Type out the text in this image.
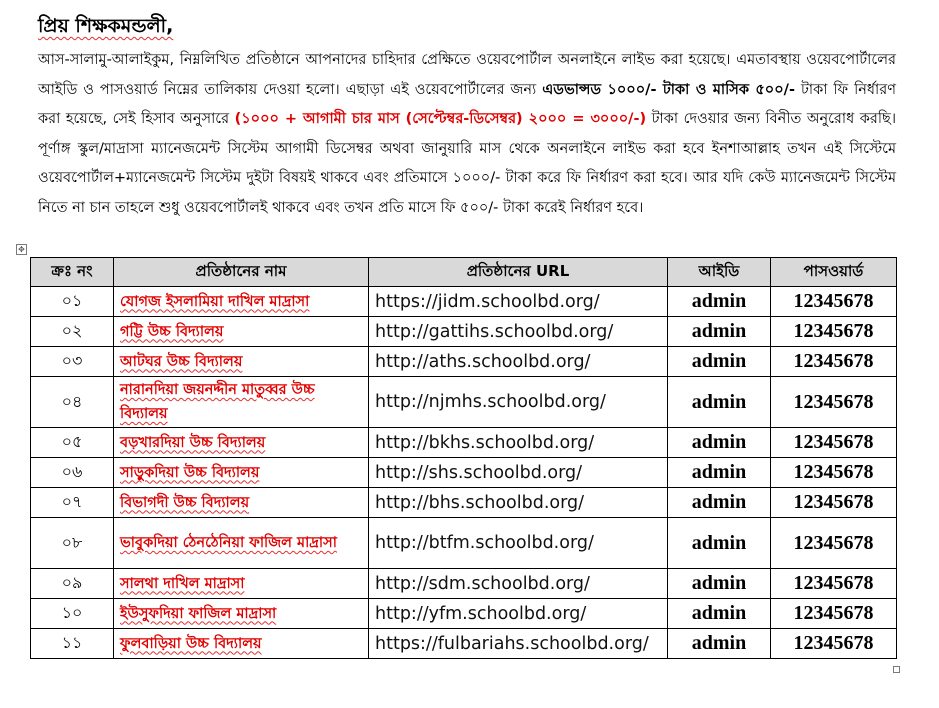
প্রিয় শিক্ষকমন্ডলী,

আস-সালামু-আলাইকুম, নিম্নলিখিত প্রতিষ্ঠানে আপনাদের চাহিদার প্রেক্ষিতে ওয়েবপোর্টাল অনলাইনে লাইভ করা হয়েছে। এমতাবস্থায় ওয়েবপোর্টালের আইডি ও পাসওয়ার্ড নিম্নের তালিকায় দেওয়া হলো। এছাড়া এই ওয়েবপোর্টালের জন্য এডভান্সড ১০০০/- টাকা ও মাসিক ৫০০/- টাকা ফি নির্ধারণ করা হয়েছে, সেই হিসাব অনুসারে (১০০০ + আগামী চার মাস (সেপ্টেম্বর-ডিসেম্বর) ২০০০ = ৩০০০/-) টাকা দেওয়ার জন্য বিনীত অনুরোধ করছি। পূর্ণাঙ্গ স্কুল/মাদ্রাসা ম্যানেজমেন্ট সিস্টেম আগামী ডিসেম্বর অথবা জানুয়ারি মাস থেকে অনলাইনে লাইভ করা হবে ইনশাআল্লাহ তখন এই সিস্টেমে ওয়েবপোর্টাল+ম্যানেজমেন্ট সিস্টেম দুইটা বিষয়ই থাকবে এবং প্রতিমাসে ১০০০/- টাকা করে ফি নির্ধারণ করা হবে। আর যদি কেউ ম্যানেজমেন্ট সিস্টেম নিতে না চান তাহলে শুধু ওয়েবপোর্টালই থাকবে এবং তখন প্রতি মাসে ফি ৫০০/- টাকা করেই নির্ধারণ হবে।

✥
ক্রঃ নং	প্রতিষ্ঠানের নাম	প্রতিষ্ঠানের URL	আইডি	পাসওয়ার্ড
০১	যোগজ ইসলামিয়া দাখিল মাদ্রাসা	https://jidm.schoolbd.org/	admin	12345678
০২	গট্টি উচ্চ বিদ্যালয়	http://gattihs.schoolbd.org/	admin	12345678
০৩	আটঘর উচ্চ বিদ্যালয়	http://aths.schoolbd.org/	admin	12345678
০৪	নারানদিয়া জয়নদ্দীন মাতুব্বর উচ্চ বিদ্যালয়	http://njmhs.schoolbd.org/	admin	12345678
০৫	বড়খারদিয়া উচ্চ বিদ্যালয়	http://bkhs.schoolbd.org/	admin	12345678
০৬	সাড়ুকদিয়া উচ্চ বিদ্যালয়	http://shs.schoolbd.org/	admin	12345678
০৭	বিভাগদী উচ্চ বিদ্যালয়	http://bhs.schoolbd.org/	admin	12345678
০৮	ভাবুকদিয়া ঠেনঠেনিয়া ফাজিল মাদ্রাসা	http://btfm.schoolbd.org/	admin	12345678
০৯	সালথা দাখিল মাদ্রাসা	http://sdm.schoolbd.org/	admin	12345678
১০	ইউসুফদিয়া ফাজিল মাদ্রাসা	http://yfm.schoolbd.org/	admin	12345678
১১	ফুলবাড়িয়া উচ্চ বিদ্যালয়	https://fulbariahs.schoolbd.org/	admin	12345678
